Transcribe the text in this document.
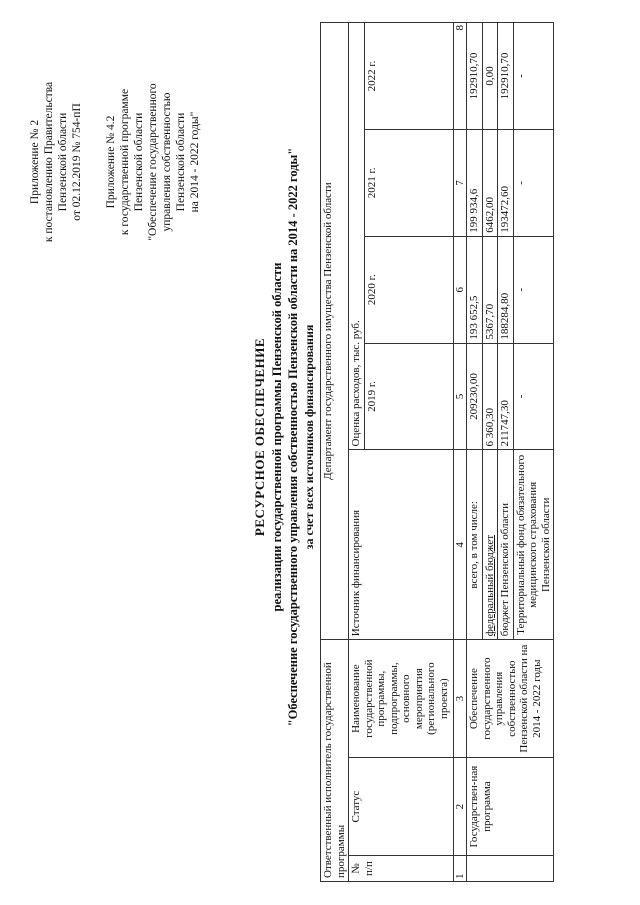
Приложение № 2 к постановлению Правительства Пензенской области от 02.12.2019 № 754-пП Приложение № 4.2 к государственной программе Пензенской области "Обеспечение государственного управления собственностью Пензенской области на 2014 - 2022 годы"
РЕСУРСНОЕ ОБЕСПЕЧЕНИЕ реализации государственной программы Пензенской области "Обеспечение государственного управления собственностью Пензенской области на 2014 - 2022 годы" за счет всех источников финансирования
Ответственный исполнитель государственной программы			Департамент государственного имущества Пензенской области				
№ п/п	Статус	Наименование государственной программы, подпрограммы, основного мероприятия (регионального проекта)	Источник финансирования	Оценка расходов, тыс. руб.			
				2019 г.	2020 г.	2021 г.	2022 г.
1	2	3	4	5	6	7	8
	Государствен-ная программа	Обеспечение государственного управления собственностью Пензенской области на 2014 - 2022 годы	всего, в том числе:	209230,00	193 652,5	199 934,6	192910,70
			федеральный бюджет	6 360,30	5367,70	6462,00	0,00
			бюджет Пензенской области	211747,30	188284,80	193472,60	192910,70
			Территориальный фонд обязательного медицинского страхования Пензенской области	-	-	-	-
